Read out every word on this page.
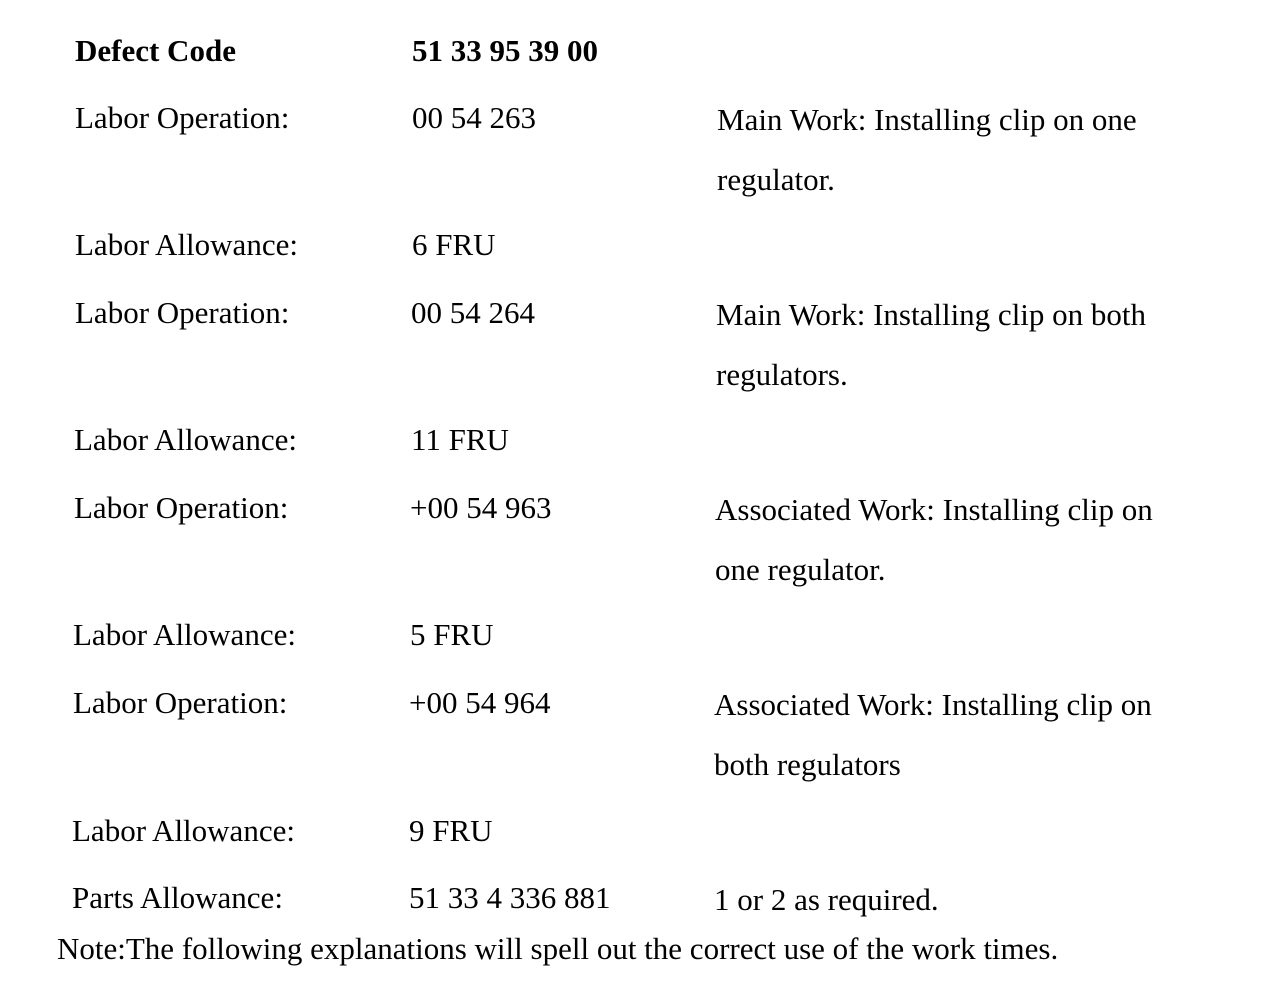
Defect Code	51 33 95 39 00
Labor Operation:	00 54 263	Main Work: Installing clip on one
regulator.
Labor Allowance:	6 FRU
Labor Operation:	00 54 264	Main Work: Installing clip on both
regulators.
Labor Allowance:	11 FRU
Labor Operation:	+00 54 963	Associated Work: Installing clip on
one regulator.
Labor Allowance:	5 FRU
Labor Operation:	+00 54 964	Associated Work: Installing clip on
both regulators
Labor Allowance:	9 FRU
Parts Allowance:	51 33 4 336 881	1 or 2 as required.
Note:The following explanations will spell out the correct use of the work times.
